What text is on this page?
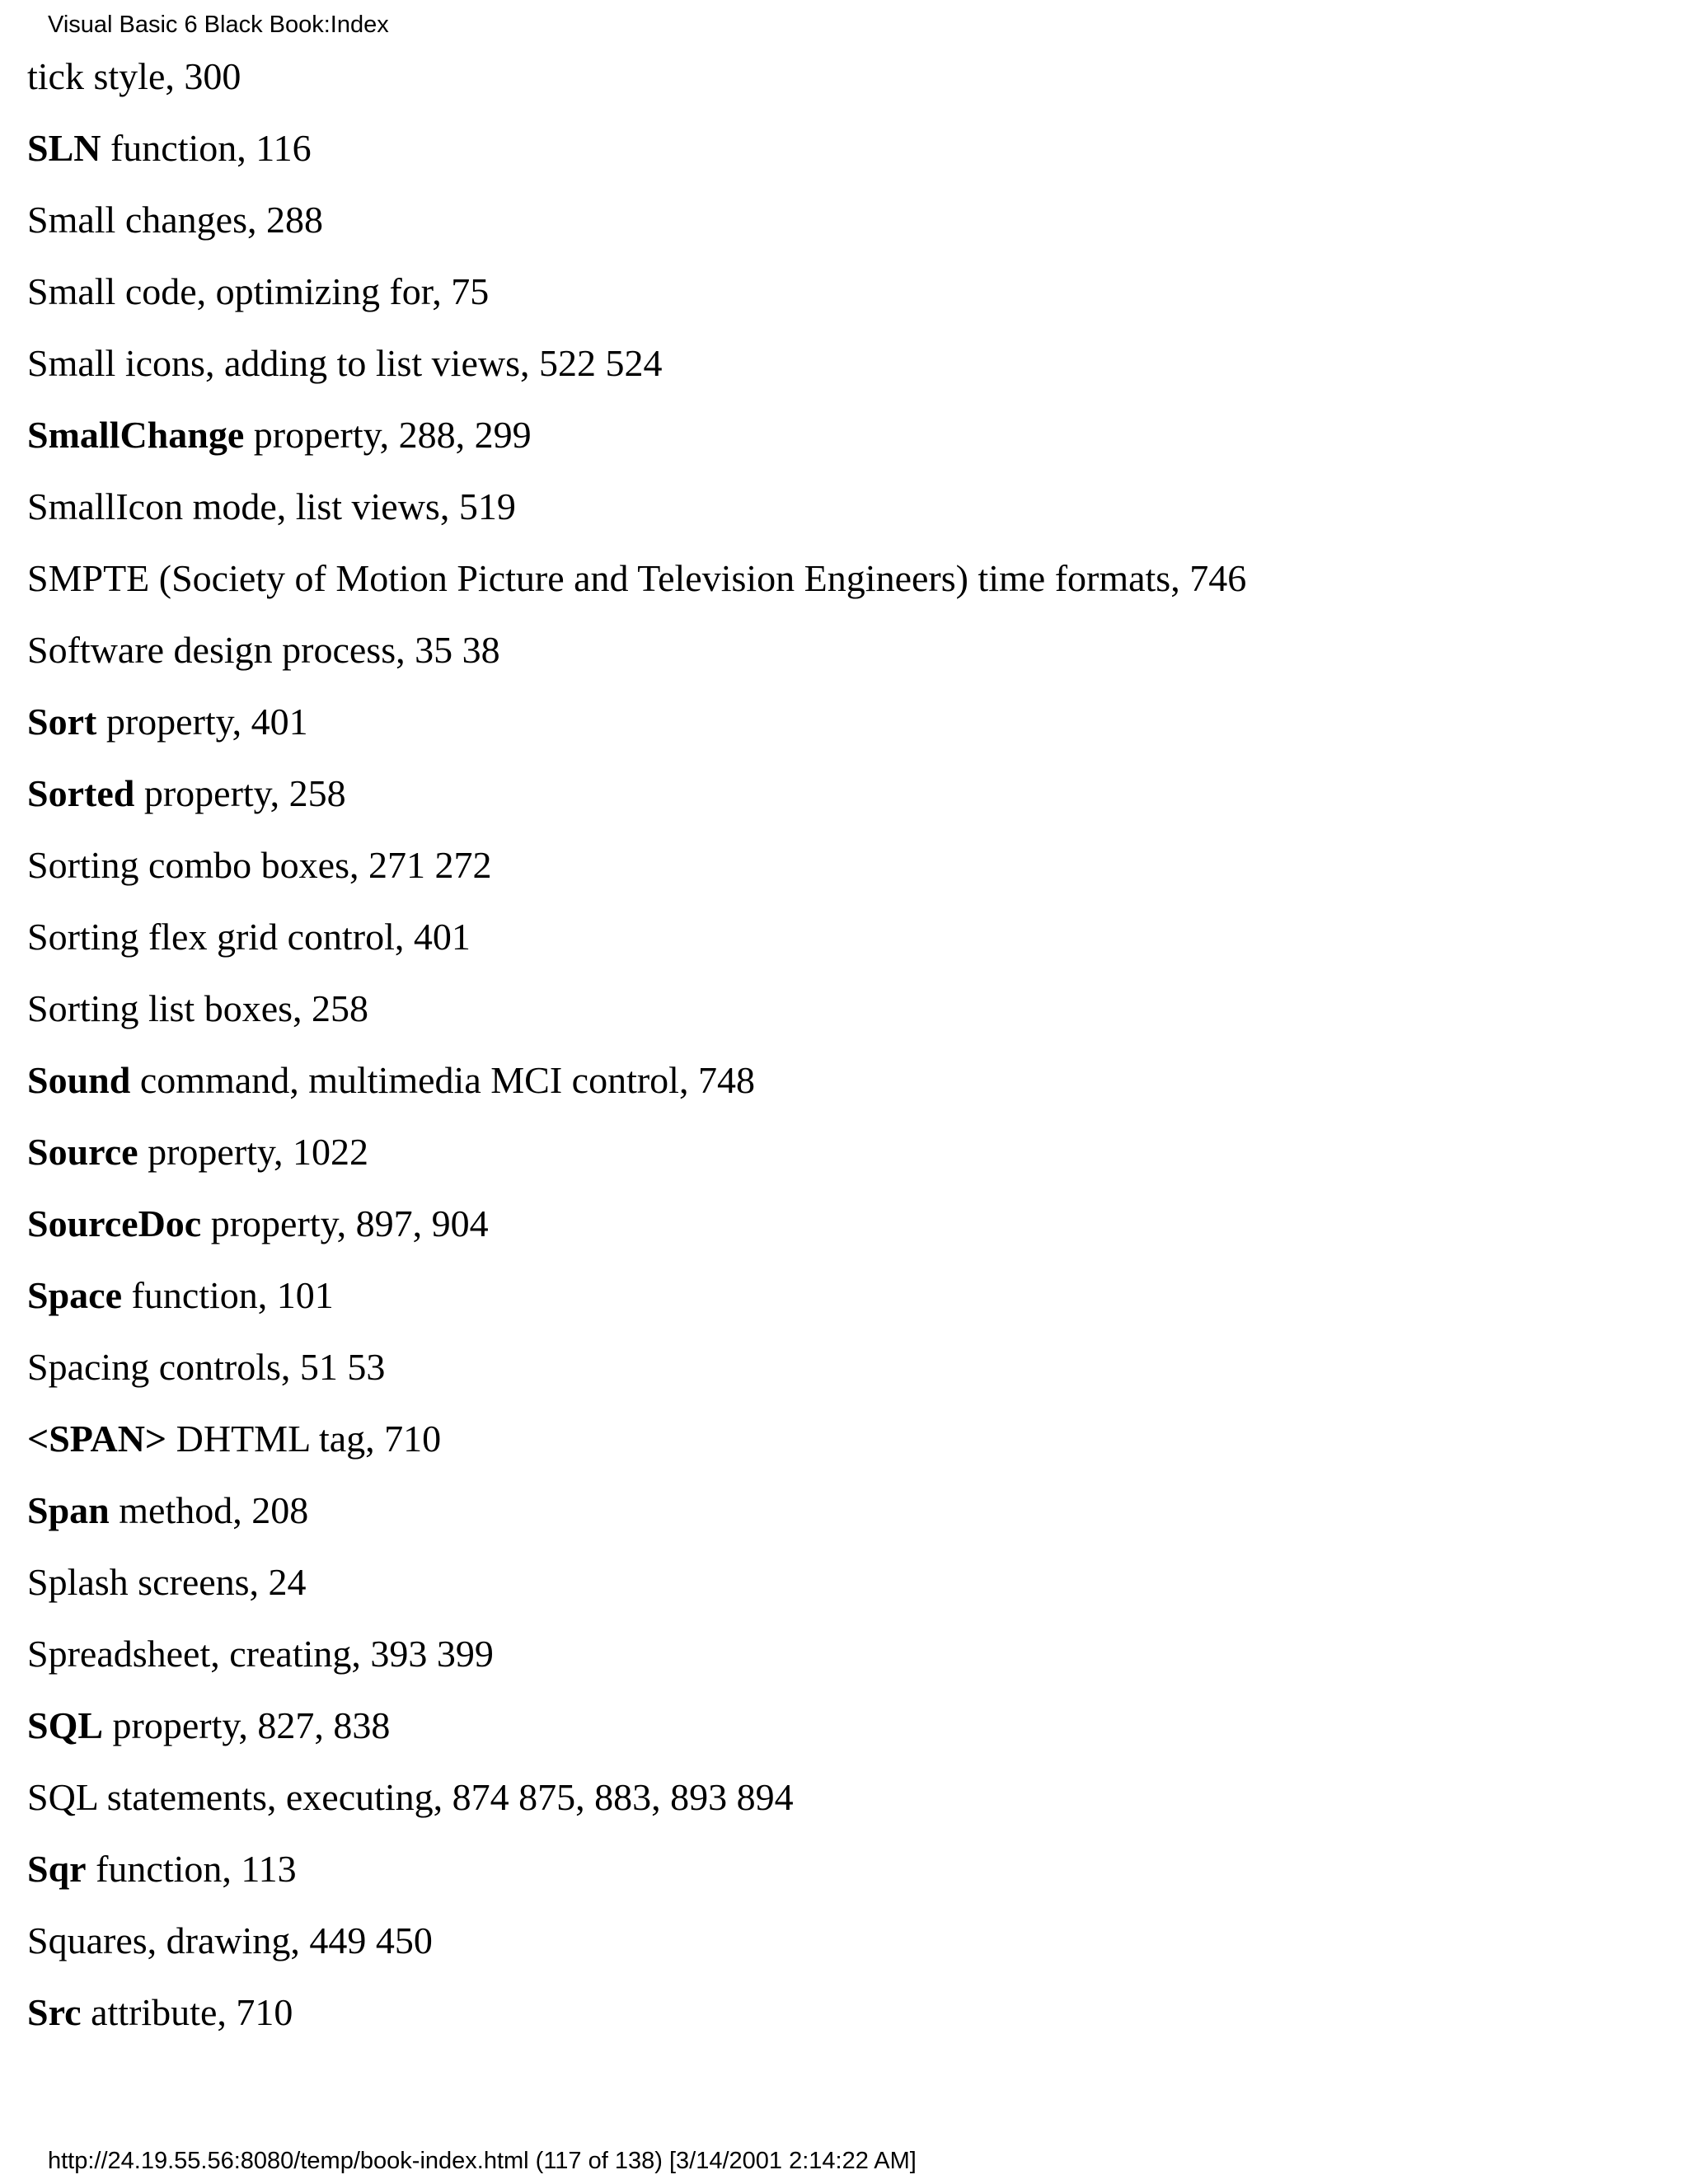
Visual Basic 6 Black Book:Index
tick style, 300
SLN function, 116
Small changes, 288
Small code, optimizing for, 75
Small icons, adding to list views, 522 524
SmallChange property, 288, 299
SmallIcon mode, list views, 519
SMPTE (Society of Motion Picture and Television Engineers) time formats, 746
Software design process, 35 38
Sort property, 401
Sorted property, 258
Sorting combo boxes, 271 272
Sorting flex grid control, 401
Sorting list boxes, 258
Sound command, multimedia MCI control, 748
Source property, 1022
SourceDoc property, 897, 904
Space function, 101
Spacing controls, 51 53
<SPAN> DHTML tag, 710
Span method, 208
Splash screens, 24
Spreadsheet, creating, 393 399
SQL property, 827, 838
SQL statements, executing, 874 875, 883, 893 894
Sqr function, 113
Squares, drawing, 449 450
Src attribute, 710
http://24.19.55.56:8080/temp/book-index.html (117 of 138) [3/14/2001 2:14:22 AM]
